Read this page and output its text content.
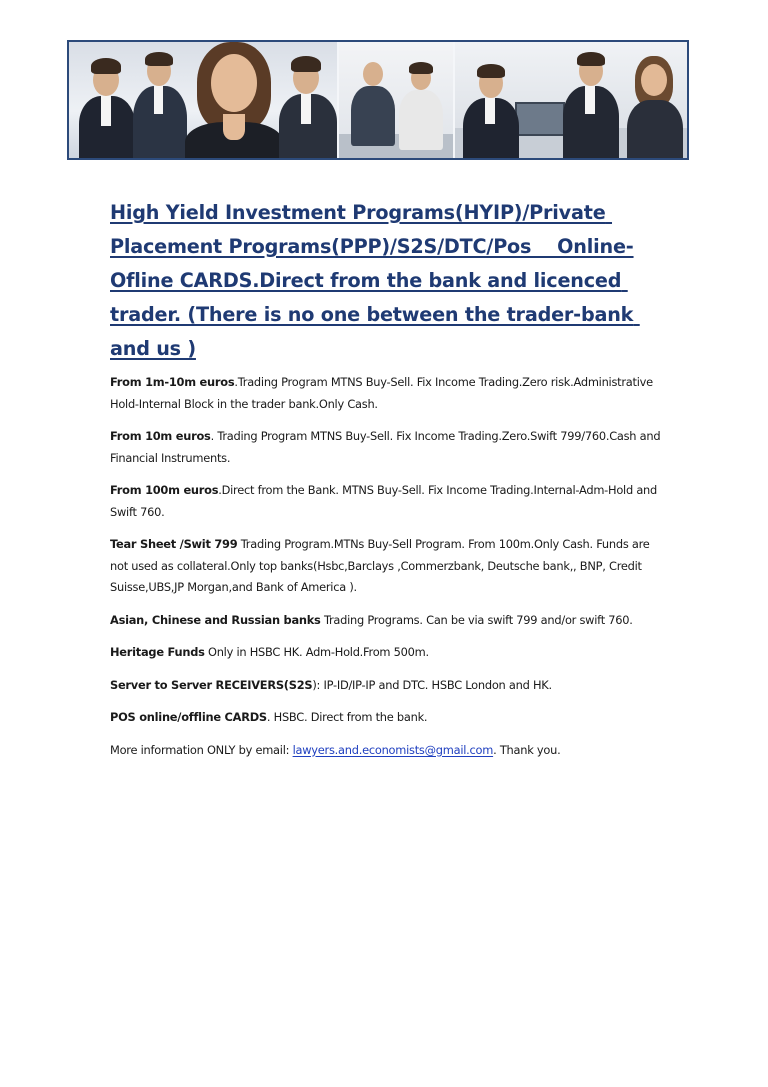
High Yield Investment Programs(HYIP)/Private Placement Programs(PPP)/S2S/DTC/Pos    Online-Ofline CARDS.Direct from the bank and licenced trader. (There is no one between the trader-bank and us )

From 1m-10m euros.Trading Program MTNS Buy-Sell. Fix Income Trading.Zero risk.Administrative Hold-Internal Block in the trader bank.Only Cash.

From 10m euros. Trading Program MTNS Buy-Sell. Fix Income Trading.Zero.Swift 799/760.Cash and Financial Instruments.

From 100m euros.Direct from the Bank. MTNS Buy-Sell. Fix Income Trading.Internal-Adm-Hold and Swift 760.

Tear Sheet /Swit 799 Trading Program.MTNs Buy-Sell Program. From 100m.Only Cash. Funds are not used as collateral.Only top banks(Hsbc,Barclays ,Commerzbank, Deutsche bank,, BNP, Credit Suisse,UBS,JP Morgan,and Bank of America ).

Asian, Chinese and Russian banks Trading Programs. Can be via swift 799 and/or swift 760.

Heritage Funds Only in HSBC HK. Adm-Hold.From 500m.

Server to Server RECEIVERS(S2S): IP-ID/IP-IP and DTC. HSBC London and HK.

POS online/offline CARDS. HSBC. Direct from the bank.

More information ONLY by email: lawyers.and.economists@gmail.com. Thank you.
